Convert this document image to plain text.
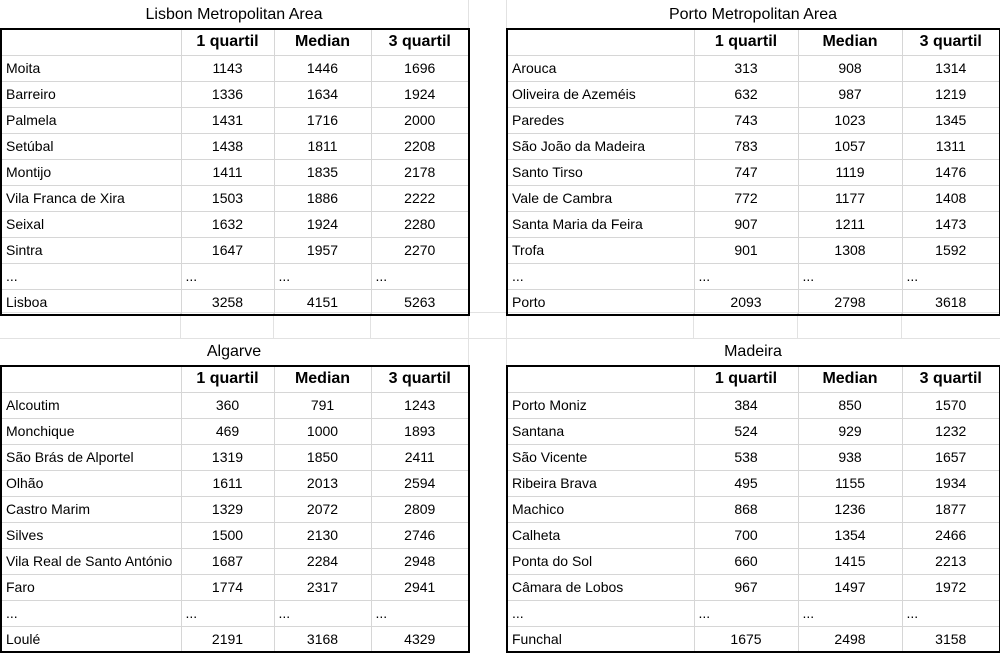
Lisbon Metropolitan Area
	1 quartil	Median	3 quartil
Moita	1143	1446	1696
Barreiro	1336	1634	1924
Palmela	1431	1716	2000
Setúbal	1438	1811	2208
Montijo	1411	1835	2178
Vila Franca de Xira	1503	1886	2222
Seixal	1632	1924	2280
Sintra	1647	1957	2270
...	...	...	...
Lisboa	3258	4151	5263
Porto Metropolitan Area
	1 quartil	Median	3 quartil
Arouca	313	908	1314
Oliveira de Azeméis	632	987	1219
Paredes	743	1023	1345
São João da Madeira	783	1057	1311
Santo Tirso	747	1119	1476
Vale de Cambra	772	1177	1408
Santa Maria da Feira	907	1211	1473
Trofa	901	1308	1592
...	...	...	...
Porto	2093	2798	3618
Algarve
	1 quartil	Median	3 quartil
Alcoutim	360	791	1243
Monchique	469	1000	1893
São Brás de Alportel	1319	1850	2411
Olhão	1611	2013	2594
Castro Marim	1329	2072	2809
Silves	1500	2130	2746
Vila Real de Santo António	1687	2284	2948
Faro	1774	2317	2941
...	...	...	...
Loulé	2191	3168	4329
Madeira
	1 quartil	Median	3 quartil
Porto Moniz	384	850	1570
Santana	524	929	1232
São Vicente	538	938	1657
Ribeira Brava	495	1155	1934
Machico	868	1236	1877
Calheta	700	1354	2466
Ponta do Sol	660	1415	2213
Câmara de Lobos	967	1497	1972
...	...	...	...
Funchal	1675	2498	3158
